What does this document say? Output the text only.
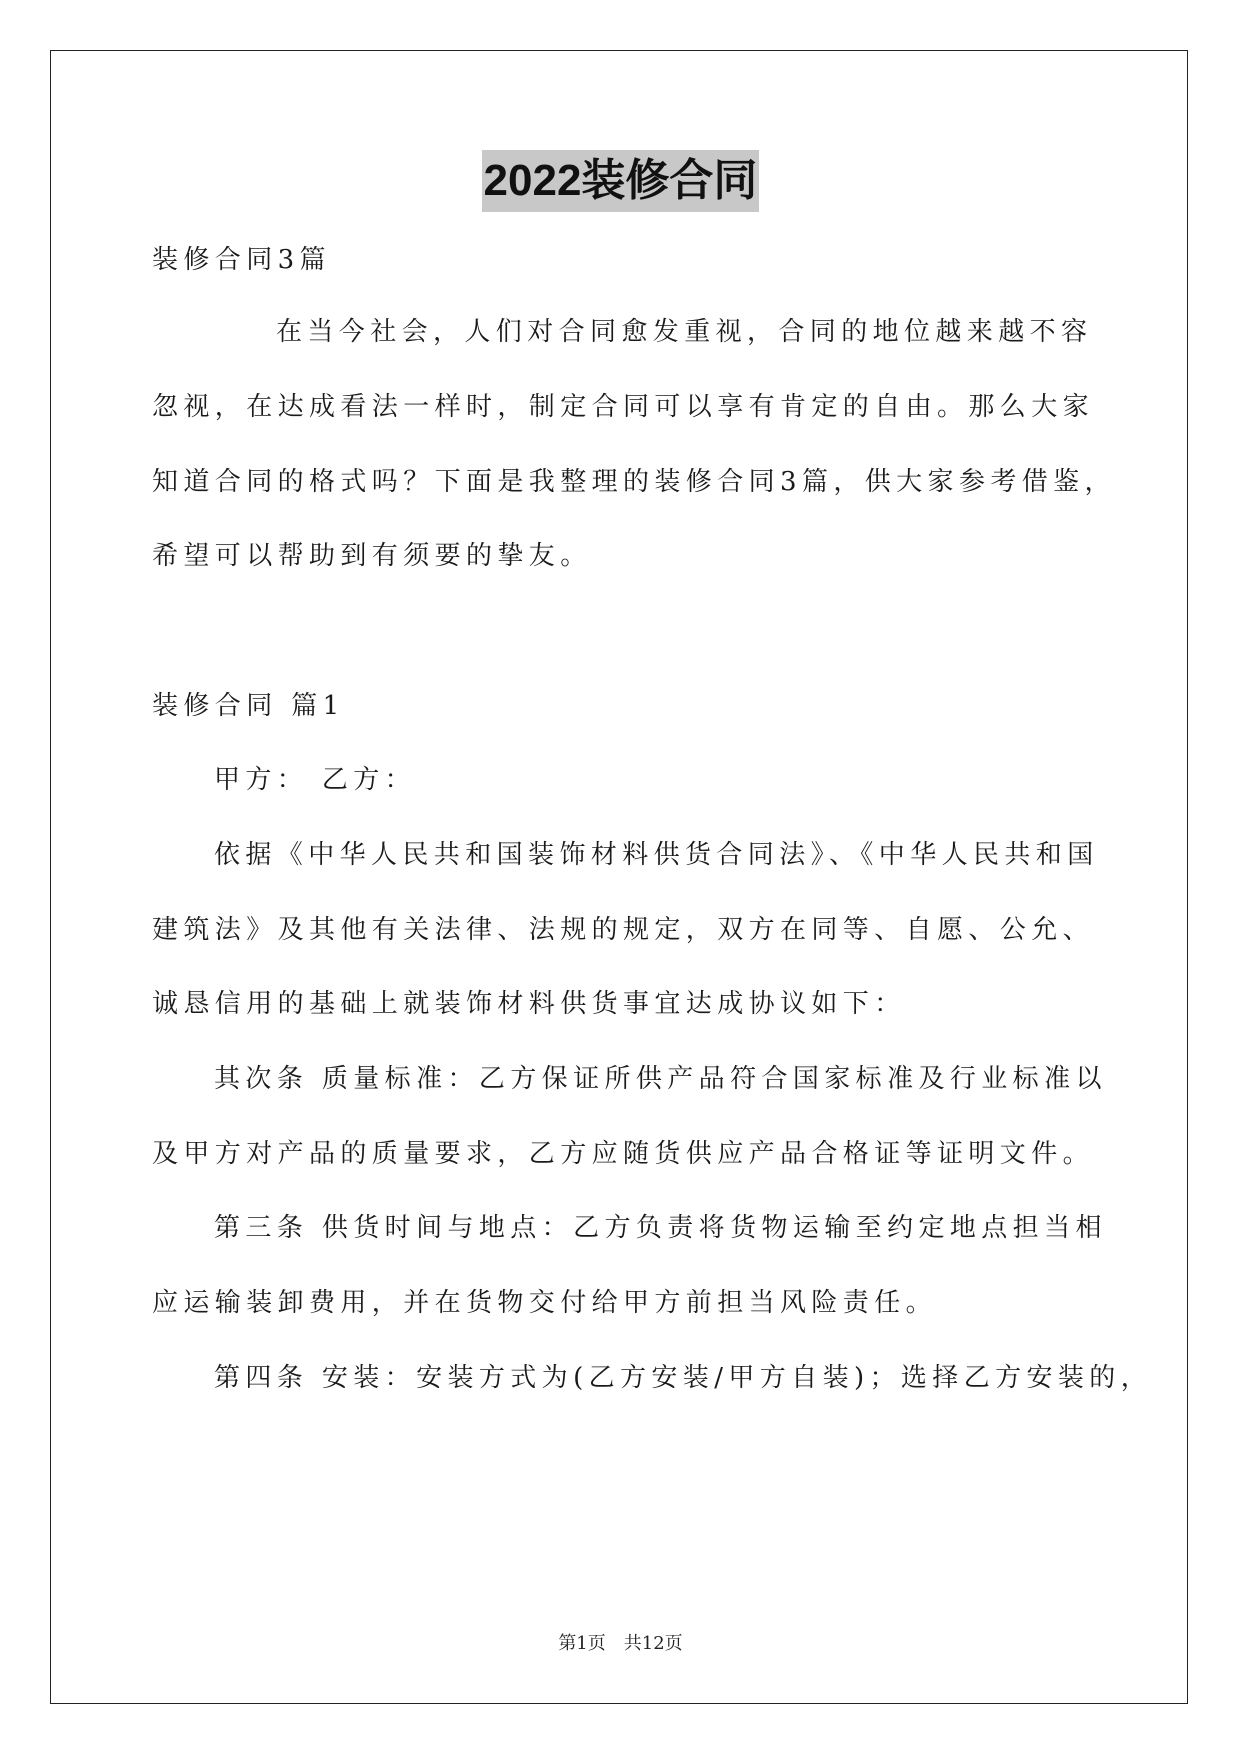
2022装修合同
装修合同3篇
在当今社会，人们对合同愈发重视，合同的地位越来越不容
忽视，在达成看法一样时，制定合同可以享有肯定的自由。那么大家
知道合同的格式吗？下面是我整理的装修合同3篇，供大家参考借鉴，
希望可以帮助到有须要的挚友。
装修合同 篇1
甲方： 乙方：
依据《中华人民共和国装饰材料供货合同法》、《中华人民共和国
建筑法》及其他有关法律、法规的规定，双方在同等、自愿、公允、
诚恳信用的基础上就装饰材料供货事宜达成协议如下：
其次条 质量标准：乙方保证所供产品符合国家标准及行业标准以
及甲方对产品的质量要求，乙方应随货供应产品合格证等证明文件。
第三条 供货时间与地点：乙方负责将货物运输至约定地点担当相
应运输装卸费用，并在货物交付给甲方前担当风险责任。
第四条 安装：安装方式为(乙方安装/甲方自装)；选择乙方安装的，
第1页　共12页
